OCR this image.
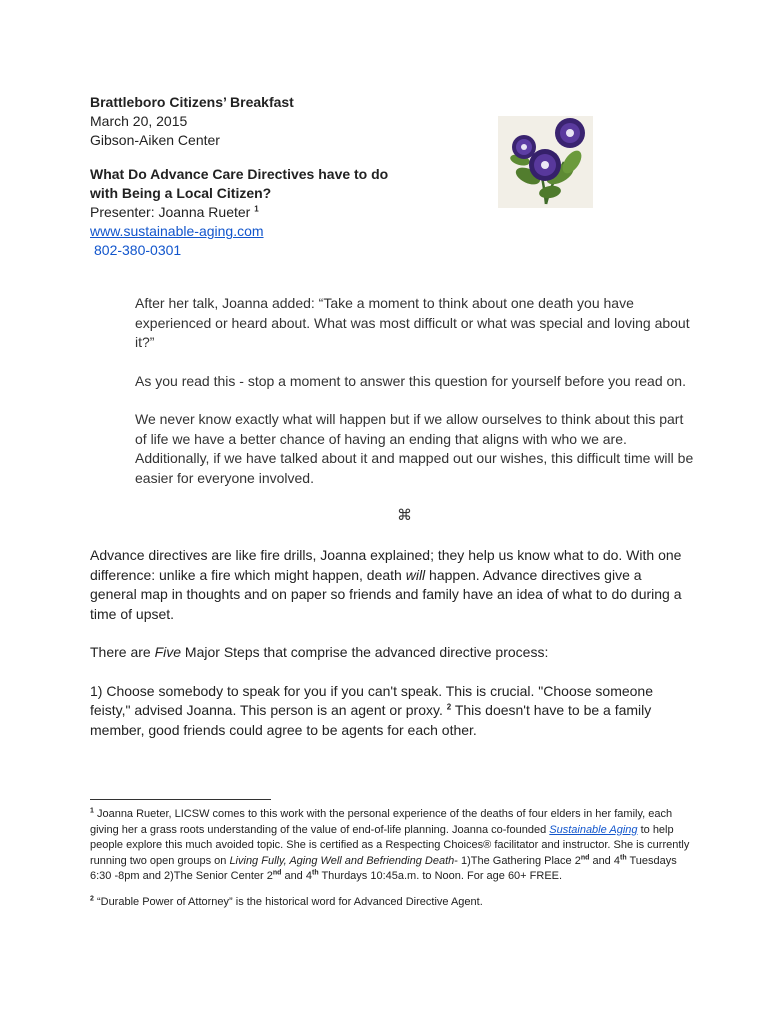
Brattleboro Citizens’ Breakfast
March 20, 2015
Gibson-Aiken Center
What Do Advance Care Directives have to do
with Being a Local Citizen?
Presenter: Joanna Rueter $^1$
www.sustainable-aging.com
802-380-0301

After her talk, Joanna added: “Take a moment to think about one death you have experienced or heard about. What was most difficult or what was special and loving about it?”

As you read this - stop a moment to answer this question for yourself before you read on.

We never know exactly what will happen but if we allow ourselves to think about this part of life we have a better chance of having an ending that aligns with who we are. Additionally, if we have talked about it and mapped out our wishes, this difficult time will be easier for everyone involved.

⌘

Advance directives are like fire drills, Joanna explained; they help us know what to do. With one difference: unlike a fire which might happen, death will happen. Advance directives give a general map in thoughts and on paper so friends and family have an idea of what to do during a time of upset.

There are Five Major Steps that comprise the advanced directive process:

1) Choose somebody to speak for you if you can't speak. This is crucial. "Choose someone feisty," advised Joanna. This person is an agent or proxy. $^2$ This doesn't have to be a family member, good friends could agree to be agents for each other.

$^1$ Joanna Rueter, LICSW comes to this work with the personal experience of the deaths of four elders in her family, each giving her a grass roots understanding of the value of end-of-life planning. Joanna co-founded Sustainable Aging to help people explore this much avoided topic. She is certified as a Respecting Choices® facilitator and instructor. She is currently running two open groups on Living Fully, Aging Well and Befriending Death- 1)The Gathering Place 2nd and 4th Tuesdays 6:30 -8pm and 2)The Senior Center 2nd and 4th Thurdays 10:45a.m. to Noon. For age 60+ FREE.

$^2$ “Durable Power of Attorney” is the historical word for Advanced Directive Agent.
